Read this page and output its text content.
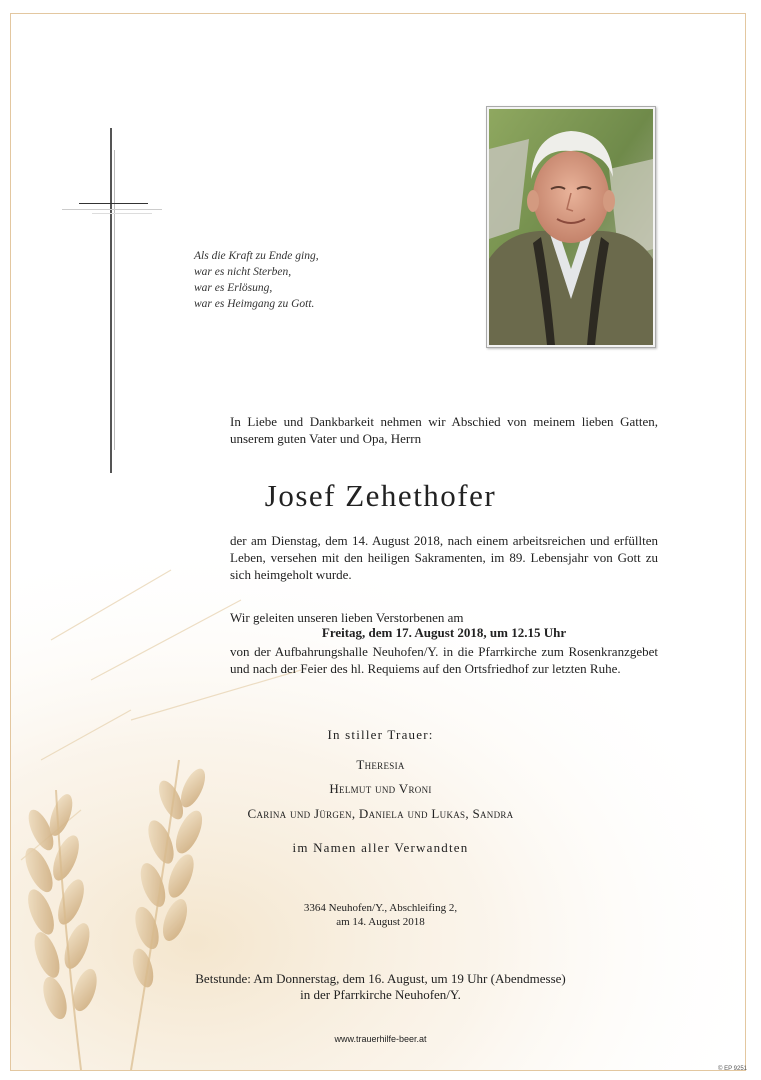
Als die Kraft zu Ende ging,
war es nicht Sterben,
war es Erlösung,
war es Heimgang zu Gott.
In Liebe und Dankbarkeit nehmen wir Abschied von meinem lieben Gatten, unserem guten Vater und Opa, Herrn
Josef Zehethofer
der am Dienstag, dem 14. August 2018, nach einem arbeitsreichen und erfüllten Leben, versehen mit den heiligen Sakramenten, im 89. Lebensjahr von Gott zu sich heimgeholt wurde.
Wir geleiten unseren lieben Verstorbenen am
Freitag, dem 17. August 2018, um 12.15 Uhr
von der Aufbahrungshalle Neuhofen/Y. in die Pfarrkirche zum Rosenkranzgebet und nach der Feier des hl. Requiems auf den Ortsfriedhof zur letzten Ruhe.
In stiller Trauer:
Theresia
Helmut und Vroni
Carina und Jürgen, Daniela und Lukas, Sandra
im Namen aller Verwandten
3364 Neuhofen/Y., Abschleifing 2,
am 14. August 2018
Betstunde: Am Donnerstag, dem 16. August, um 19 Uhr (Abendmesse)
in der Pfarrkirche Neuhofen/Y.
www.trauerhilfe-beer.at
© EP 9251
